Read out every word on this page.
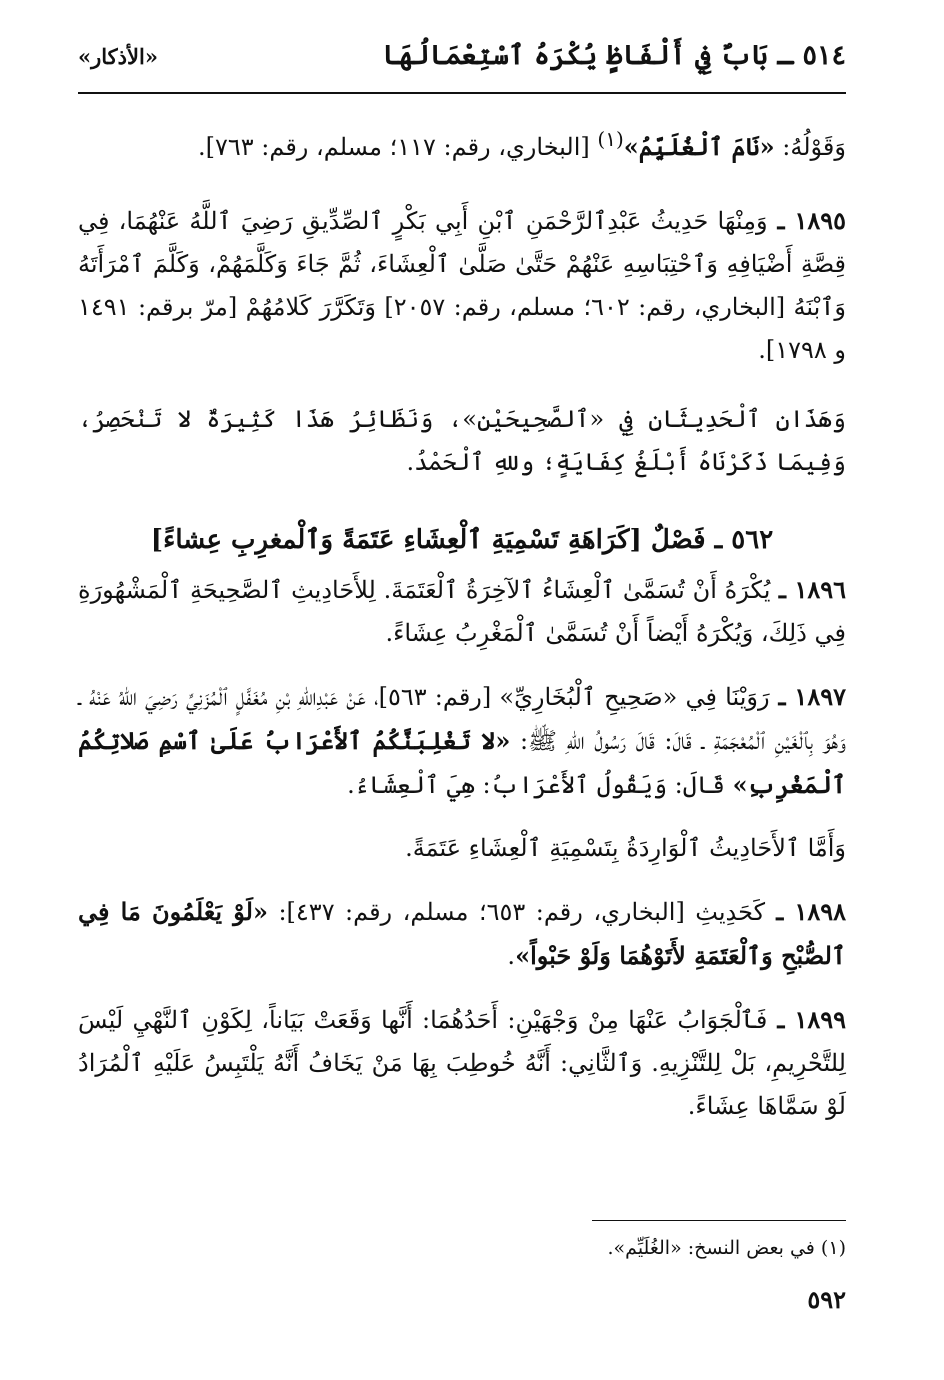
٥١٤ ـ بَابٌ فِي أَلْفَاظٍ يُكْرَهُ ٱسْتِعْمَالُهَا
«الأذكار»

وَقَوْلُهُ: «نَامَ ٱلْغُلَيِّمُ»$^{(١)}$ [البخاري، رقم: ١١٧؛ مسلم، رقم: ٧٦٣].

١٨٩٥ ـ وَمِنْهَا حَدِيثُ عَبْدِٱلرَّحْمَنِ ٱبْنِ أَبِي بَكْرٍ ٱلصِّدِّيقِ رَضِيَ ٱللَّهُ عَنْهُمَا، فِي قِصَّةِ أَضْيَافِهِ وَٱحْتِبَاسِهِ عَنْهُمْ حَتَّىٰ صَلَّىٰ ٱلْعِشَاءَ، ثُمَّ جَاءَ وَكَلَّمَهُمْ، وَكَلَّمَ ٱمْرَأَتَهُ وَٱبْنَهُ [البخاري، رقم: ٦٠٢؛ مسلم، رقم: ٢٠٥٧] وَتَكَرَّرَ كَلامُهُمْ [مرّ برقم: ١٤٩١ و ١٧٩٨].

وَهَذَانِ ٱلْحَدِيثَانِ فِي «ٱلصَّحِيحَيْنِ»، وَنَظَائِرُ هَذَا كَثِيرَةٌ لا تَنْحَصِرُ، وَفِيمَا ذَكَرْنَاهُ أَبْلَغُ كِفَايَةٍ؛ وللهِ ٱلْحَمْدُ.

٥٦٢ ـ فَصْلٌ [كَرَاهَةِ تَسْمِيَةِ ٱلْعِشَاءِ عَتَمَةً وَٱلْمغرِبِ عِشاءً]

١٨٩٦ ـ يُكْرَهُ أَنْ تُسَمَّىٰ ٱلْعِشَاءُ ٱلآخِرَةُ ٱلْعَتَمَةَ. لِلأَحَادِيثِ ٱلصَّحِيحَةِ ٱلْمَشْهُورَةِ فِي ذَلِكَ، وَيُكْرَهُ أَيْضاً أَنْ تُسَمَّىٰ ٱلْمَغْرِبُ عِشَاءً.

١٨٩٧ ـ رَوَيْنَا فِي «صَحِيحِ ٱلْبُخَارِيِّ» [رقم: ٥٦٣]، عَنْ عَبْدِاللهِ بْنِ مُغَفَّلٍ ٱلْمُزَنِيِّ رَضِيَ اللهُ عَنْهُ ـ وَهُوَ بِٱلْغَيْنِ ٱلْمُعْجَمَةِ ـ قَالَ: قَالَ رَسُولُ اللهِ ﷺ: «لا تَغْلِبَنَّكُمُ ٱلأَعْرَابُ عَلَىٰ ٱسْمِ صَلاتِكُمُ ٱلْمَغْرِبِ» قَالَ: وَيَقُولُ ٱلأَعْرَابُ: هِيَ ٱلْعِشَاءُ.

وَأَمَّا ٱلأَحَادِيثُ ٱلْوَارِدَةُ بِتَسْمِيَةِ ٱلْعِشَاءِ عَتَمَةً.

١٨٩٨ ـ كَحَدِيثِ [البخاري، رقم: ٦٥٣؛ مسلم، رقم: ٤٣٧]: «لَوْ يَعْلَمُونَ مَا فِي ٱلصُّبْحِ وَٱلْعَتَمَةِ لأَتَوْهُمَا وَلَوْ حَبْواً».

١٨٩٩ ـ فَٱلْجَوَابُ عَنْهَا مِنْ وَجْهَيْنِ: أَحَدُهُمَا: أَنَّها وَقَعَتْ بَيَاناً، لِكَوْنِ ٱلنَّهْيِ لَيْسَ لِلتَّحْرِيمِ، بَلْ لِلتَّنْزِيهِ. وَٱلثَّانِي: أَنَّهُ خُوطِبَ بِهَا مَنْ يَخَافُ أَنَّهُ يَلْتَبِسُ عَلَيْهِ ٱلْمُرَادُ لَوْ سَمَّاهَا عِشَاءً.

(١) في بعض النسخ: «الغُلَيِّم».
٥٩٢
